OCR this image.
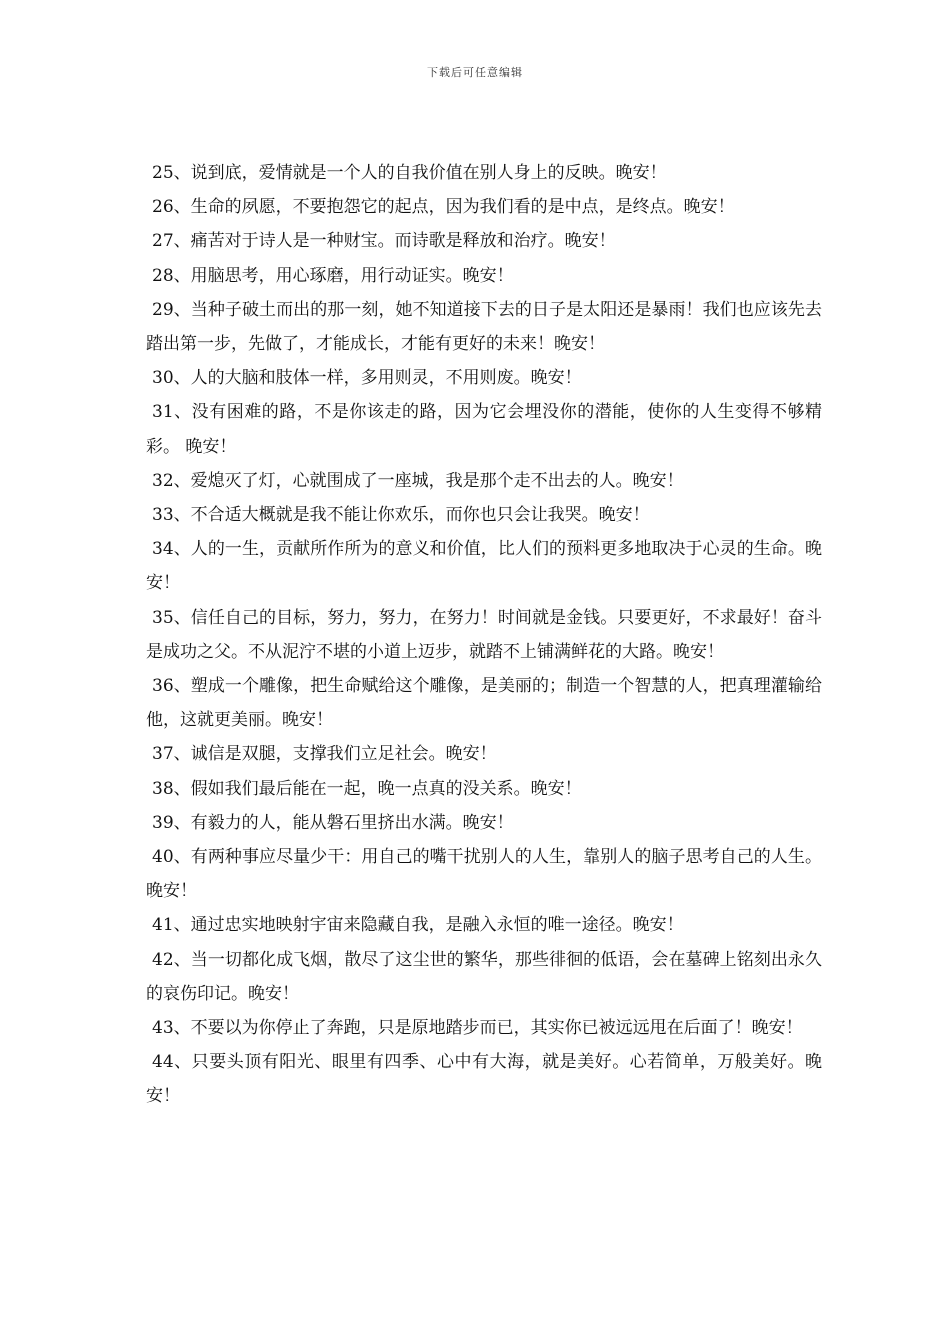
下载后可任意编辑

25、说到底，爱情就是一个人的自我价值在别人身上的反映。晚安！

26、生命的夙愿，不要抱怨它的起点，因为我们看的是中点，是终点。晚安！

27、痛苦对于诗人是一种财宝。而诗歌是释放和治疗。晚安！

28、用脑思考，用心琢磨，用行动证实。晚安！

29、当种子破土而出的那一刻，她不知道接下去的日子是太阳还是暴雨！我们也应该先去踏出第一步，先做了，才能成长，才能有更好的未来！晚安！

30、人的大脑和肢体一样，多用则灵，不用则废。晚安！

31、没有困难的路，不是你该走的路，因为它会埋没你的潜能，使你的人生变得不够精彩。 晚安！

32、爱熄灭了灯，心就围成了一座城，我是那个走不出去的人。晚安！

33、不合适大概就是我不能让你欢乐，而你也只会让我哭。晚安！

34、人的一生，贡献所作所为的意义和价值，比人们的预料更多地取决于心灵的生命。晚安！

35、信任自己的目标，努力，努力，在努力！时间就是金钱。只要更好，不求最好！奋斗是成功之父。不从泥泞不堪的小道上迈步，就踏不上铺满鲜花的大路。晚安！

36、塑成一个雕像，把生命赋给这个雕像，是美丽的；制造一个智慧的人，把真理灌输给他，这就更美丽。晚安！

37、诚信是双腿，支撑我们立足社会。晚安！

38、假如我们最后能在一起，晚一点真的没关系。晚安！

39、有毅力的人，能从磐石里挤出水满。晚安！

40、有两种事应尽量少干：用自己的嘴干扰别人的人生，靠别人的脑子思考自己的人生。晚安！

41、通过忠实地映射宇宙来隐藏自我，是融入永恒的唯一途径。晚安！

42、当一切都化成飞烟，散尽了这尘世的繁华，那些徘徊的低语，会在墓碑上铭刻出永久的哀伤印记。晚安！

43、不要以为你停止了奔跑，只是原地踏步而已，其实你已被远远甩在后面了！晚安！

44、只要头顶有阳光、眼里有四季、心中有大海，就是美好。心若简单，万般美好。晚安！
